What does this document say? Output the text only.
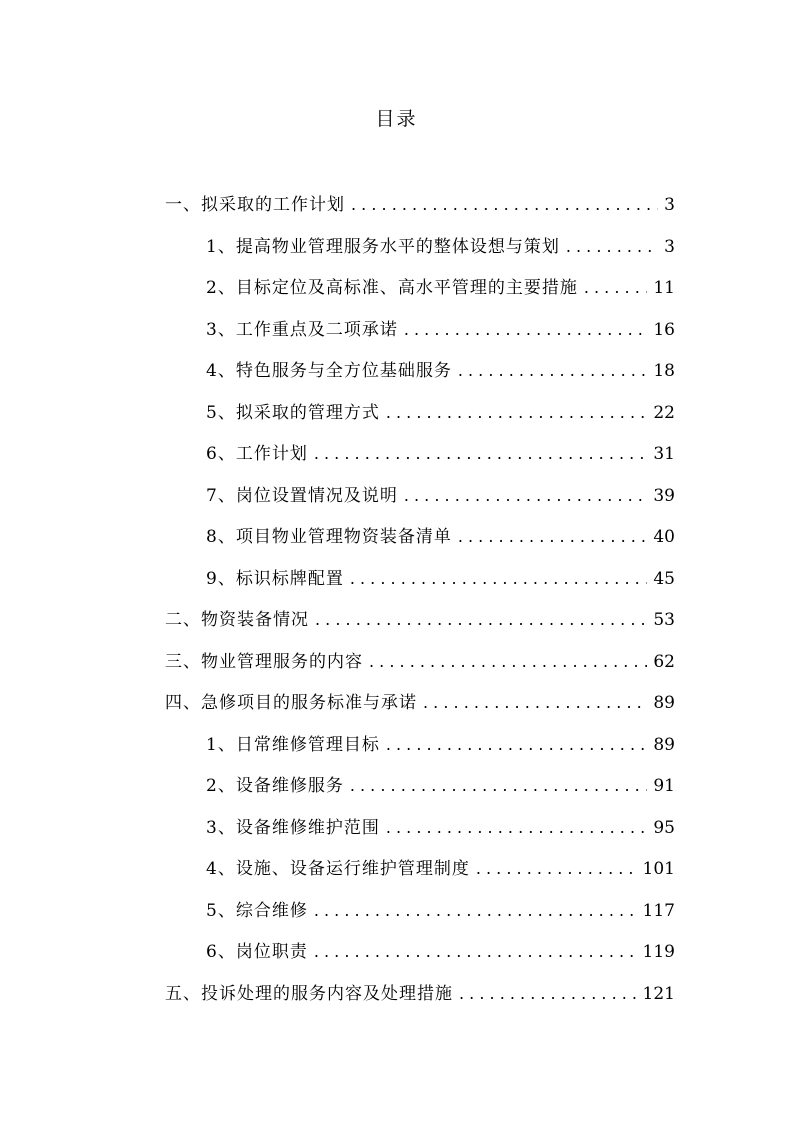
目录
一、拟采取的工作计划 . . .	3
1、提高物业管理服务水平的整体设想与策划 . . .	3
2、目标定位及高标准、高水平管理的主要措施 . . .	11
3、工作重点及二项承诺 . . .	16
4、特色服务与全方位基础服务 . . .	18
5、拟采取的管理方式 . . .	22
6、工作计划 . . .	31
7、岗位设置情况及说明 . . .	39
8、项目物业管理物资装备清单 . . .	40
9、标识标牌配置 . . .	45
二、物资装备情况 . . .	53
三、物业管理服务的内容 . . .	62
四、急修项目的服务标准与承诺 . . .	89
1、日常维修管理目标 . . .	89
2、设备维修服务 . . .	91
3、设备维修维护范围 . . .	95
4、设施、设备运行维护管理制度 . . .	101
5、综合维修 . . .	117
6、岗位职责 . . .	119
五、投诉处理的服务内容及处理措施 . . .	121
